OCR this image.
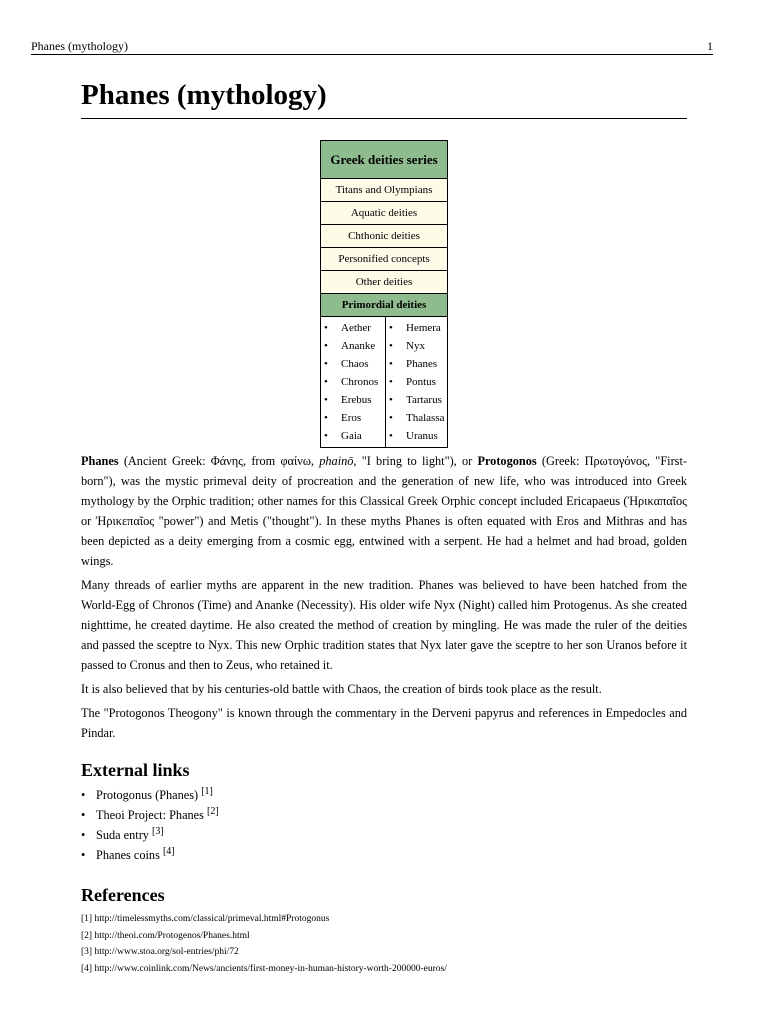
Phanes (mythology)	1
Phanes (mythology)
Greek deities series
Titans and Olympians
Aquatic deities
Chthonic deities
Personified concepts
Other deities
Primordial deities

• Aether
• Ananke
• Chaos
• Chronos
• Erebus
• Eros
• Gaia
• Hemera
• Nyx
• Phanes
• Pontus
• Tartarus
• Thalassa
• Uranus

Phanes (Ancient Greek: Φάνης, from φαίνω, phainō, "I bring to light"), or Protogonos (Greek: Πρωτογόνος, "First-born"), was the mystic primeval deity of procreation and the generation of new life, who was introduced into Greek mythology by the Orphic tradition; other names for this Classical Greek Orphic concept included Ericapaeus (Ἠρικαπαῖος or Ἠρικεπαῖος "power") and Metis ("thought"). In these myths Phanes is often equated with Eros and Mithras and has been depicted as a deity emerging from a cosmic egg, entwined with a serpent. He had a helmet and had broad, golden wings.

Many threads of earlier myths are apparent in the new tradition. Phanes was believed to have been hatched from the World-Egg of Chronos (Time) and Ananke (Necessity). His older wife Nyx (Night) called him Protogenus. As she created nighttime, he created daytime. He also created the method of creation by mingling. He was made the ruler of the deities and passed the sceptre to Nyx. This new Orphic tradition states that Nyx later gave the sceptre to her son Uranos before it passed to Cronus and then to Zeus, who retained it.

It is also believed that by his centuries-old battle with Chaos, the creation of birds took place as the result.

The "Protogonos Theogony" is known through the commentary in the Derveni papyrus and references in Empedocles and Pindar.

External links
• Protogonus (Phanes) [1]
• Theoi Project: Phanes [2]
• Suda entry [3]
• Phanes coins [4]
References
[1] http://timelessmyths.com/classical/primeval.html#Protogonus
[2] http://theoi.com/Protogenos/Phanes.html
[3] http://www.stoa.org/sol-entries/phi/72
[4] http://www.coinlink.com/News/ancients/first-money-in-human-history-worth-200000-euros/
